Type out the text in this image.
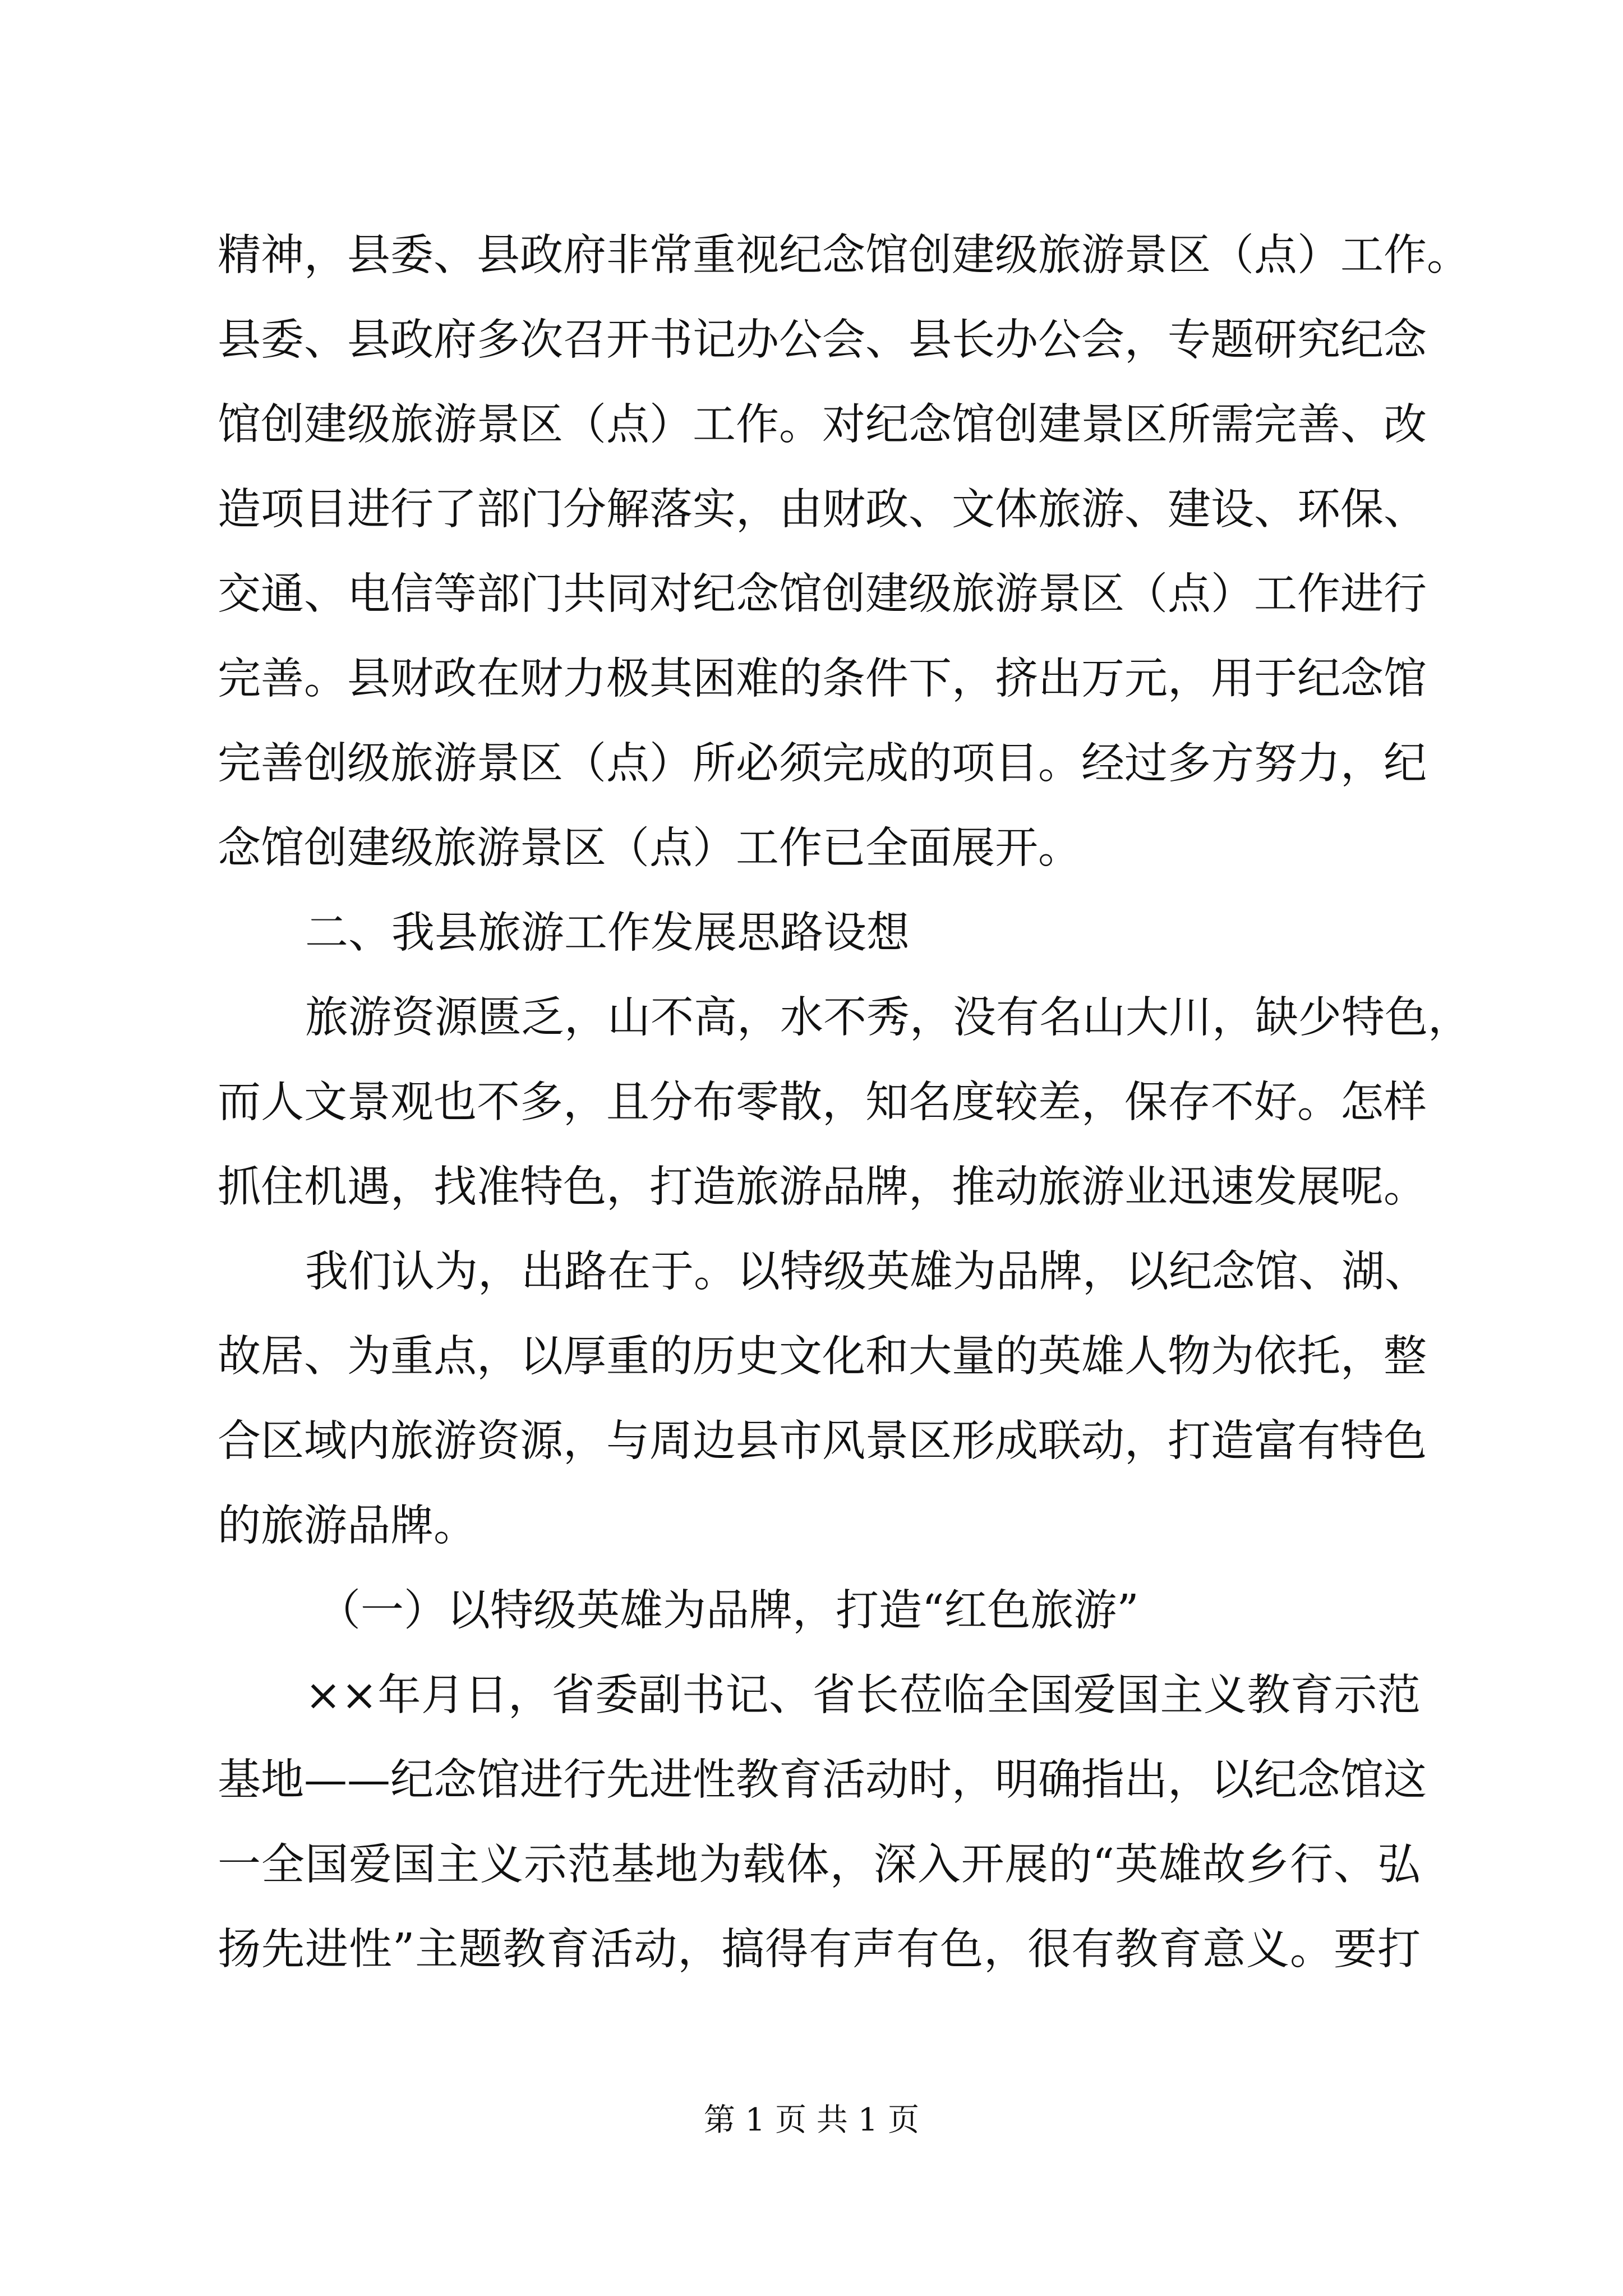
精神，县委、县政府非常重视纪念馆创建级旅游景区（点）工作。
县委、县政府多次召开书记办公会、县长办公会，专题研究纪念
馆创建级旅游景区（点）工作。对纪念馆创建景区所需完善、改
造项目进行了部门分解落实，由财政、文体旅游、建设、环保、
交通、电信等部门共同对纪念馆创建级旅游景区（点）工作进行
完善。县财政在财力极其困难的条件下，挤出万元，用于纪念馆
完善创级旅游景区（点）所必须完成的项目。经过多方努力，纪
念馆创建级旅游景区（点）工作已全面展开。
二、我县旅游工作发展思路设想
旅游资源匮乏，山不高，水不秀，没有名山大川，缺少特色，
而人文景观也不多，且分布零散，知名度较差，保存不好。怎样
抓住机遇，找准特色，打造旅游品牌，推动旅游业迅速发展呢。
我们认为，出路在于。以特级英雄为品牌，以纪念馆、湖、
故居、为重点，以厚重的历史文化和大量的英雄人物为依托，整
合区域内旅游资源，与周边县市风景区形成联动，打造富有特色
的旅游品牌。
（一）以特级英雄为品牌，打造“红色旅游”
××年月日，省委副书记、省长莅临全国爱国主义教育示范
基地——纪念馆进行先进性教育活动时，明确指出，以纪念馆这
一全国爱国主义示范基地为载体，深入开展的“英雄故乡行、弘
扬先进性”主题教育活动，搞得有声有色，很有教育意义。要打
第 1 页 共 1 页
